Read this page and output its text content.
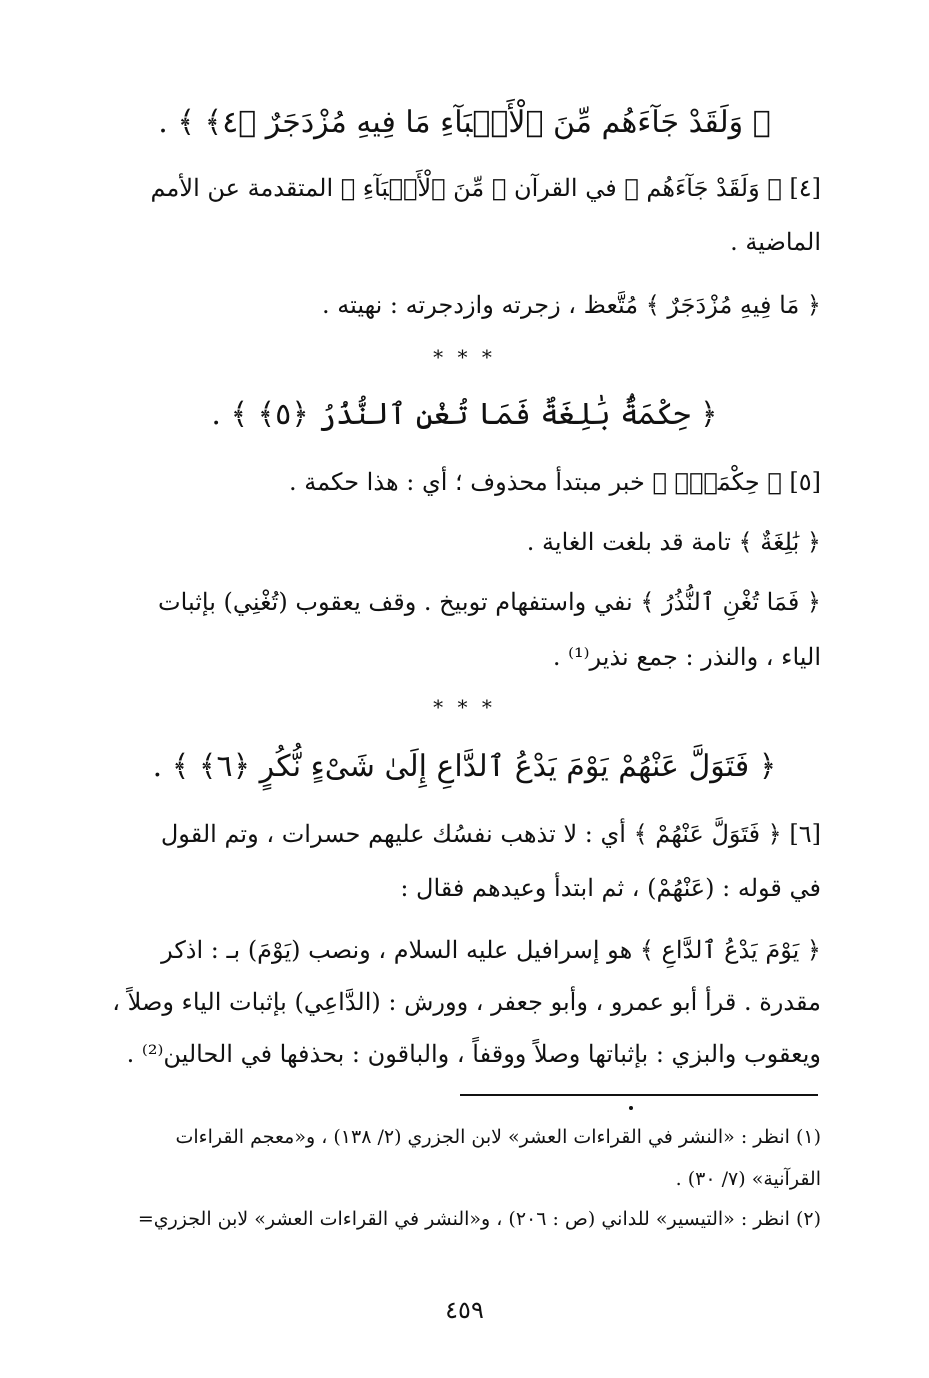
﴿ وَلَقَدْ جَآءَهُم مِّنَ ٱلْأَنۢبَآءِ مَا فِيهِ مُزْدَجَرٌ ﴿٤﴾ ﴾ .
[٤] ﴿ وَلَقَدْ جَآءَهُم ﴾ في القرآن ﴿ مِّنَ ٱلْأَنۢبَآءِ ﴾ المتقدمة عن الأمم
الماضية .
﴿ مَا فِيهِ مُزْدَجَرٌ ﴾ مُتَّعظ ، زجرته وازدجرته : نهيته .
* * *
﴿ حِكْمَةٌۢ بَٰلِغَةٌ فَمَا تُغْنِ ٱلنُّذُرُ ﴿٥﴾ ﴾ .
[٥] ﴿ حِكْمَةٌۢ ﴾ خبر مبتدأ محذوف ؛ أي : هذا حكمة .
﴿ بَٰلِغَةٌ ﴾ تامة قد بلغت الغاية .
﴿ فَمَا تُغْنِ ٱلنُّذُرُ ﴾ نفي واستفهام توبيخ . وقف يعقوب (تُغْنِي) بإثبات
الياء ، والنذر : جمع نذير⁽¹⁾ .
* * *
﴿ فَتَوَلَّ عَنْهُمْ يَوْمَ يَدْعُ ٱلدَّاعِ إِلَىٰ شَىْءٍ نُّكُرٍ ﴿٦﴾ ﴾ .
[٦] ﴿ فَتَوَلَّ عَنْهُمْ ﴾ أي : لا تذهب نفسُك عليهم حسرات ، وتم القول
في قوله : (عَنْهُمْ) ، ثم ابتدأ وعيدهم فقال :
﴿ يَوْمَ يَدْعُ ٱلدَّاعِ ﴾ هو إسرافيل عليه السلام ، ونصب (يَوْمَ) بـ : اذكر
مقدرة . قرأ أبو عمرو ، وأبو جعفر ، وورش : (الدَّاعِي) بإثبات الياء وصلاً ،
ويعقوب والبزي : بإثباتها وصلاً ووقفاً ، والباقون : بحذفها في الحالين⁽²⁾ .
(١) انظر : «النشر في القراءات العشر» لابن الجزري (٢/ ١٣٨) ، و«معجم القراءات
القرآنية» (٧/ ٣٠) .
(٢) انظر : «التيسير» للداني (ص : ٢٠٦) ، و«النشر في القراءات العشر» لابن الجزري=
٤٥٩
